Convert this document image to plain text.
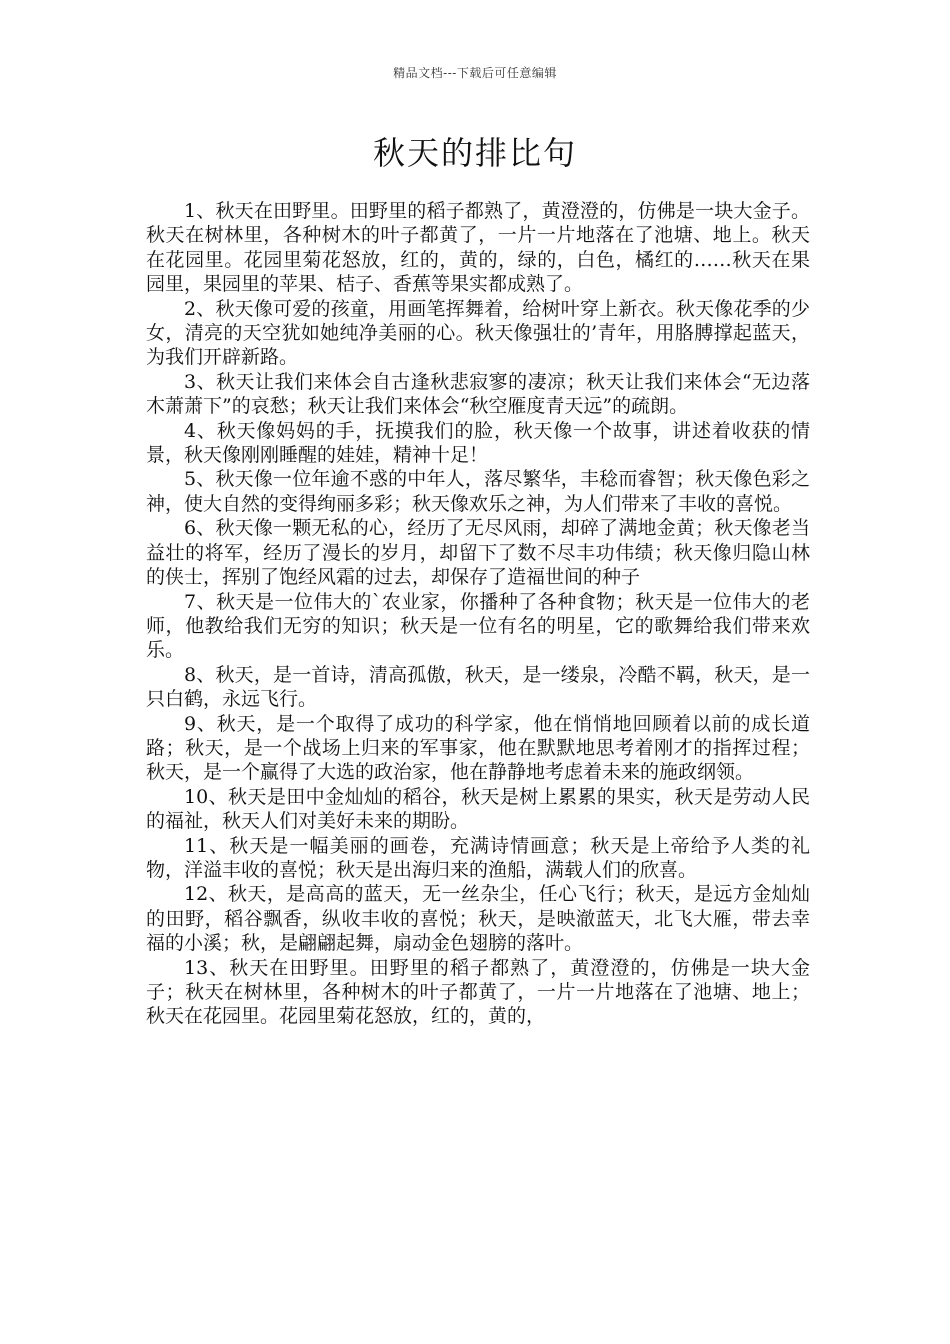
精品文档---下载后可任意编辑
秋天的排比句

1、秋天在田野里。田野里的稻子都熟了，黄澄澄的，仿佛是一块大金子。秋天在树林里，各种树木的叶子都黄了，一片一片地落在了池塘、地上。秋天在花园里。花园里菊花怒放，红的，黄的，绿的，白色，橘红的……秋天在果园里，果园里的苹果、桔子、香蕉等果实都成熟了。

2、秋天像可爱的孩童，用画笔挥舞着，给树叶穿上新衣。秋天像花季的少女，清亮的天空犹如她纯净美丽的心。秋天像强壮的’青年，用胳膊撑起蓝天，为我们开辟新路。

3、秋天让我们来体会自古逢秋悲寂寥的凄凉；秋天让我们来体会“无边落木萧萧下”的哀愁；秋天让我们来体会“秋空雁度青天远”的疏朗。

4、秋天像妈妈的手，抚摸我们的脸，秋天像一个故事，讲述着收获的情景，秋天像刚刚睡醒的娃娃，精神十足！

5、秋天像一位年逾不惑的中年人，落尽繁华，丰稔而睿智；秋天像色彩之神，使大自然的变得绚丽多彩；秋天像欢乐之神，为人们带来了丰收的喜悦。

6、秋天像一颗无私的心，经历了无尽风雨，却碎了满地金黄；秋天像老当益壮的将军，经历了漫长的岁月，却留下了数不尽丰功伟绩；秋天像归隐山林的侠士，挥别了饱经风霜的过去，却保存了造福世间的种子

7、秋天是一位伟大的`农业家，你播种了各种食物；秋天是一位伟大的老师，他教给我们无穷的知识；秋天是一位有名的明星，它的歌舞给我们带来欢乐。

8、秋天，是一首诗，清高孤傲，秋天，是一缕泉，冷酷不羁，秋天，是一只白鹤，永远飞行。

9、秋天，是一个取得了成功的科学家，他在悄悄地回顾着以前的成长道路；秋天，是一个战场上归来的军事家，他在默默地思考着刚才的指挥过程；秋天，是一个赢得了大选的政治家，他在静静地考虑着未来的施政纲领。

10、秋天是田中金灿灿的稻谷，秋天是树上累累的果实，秋天是劳动人民的福祉，秋天人们对美好未来的期盼。

11、秋天是一幅美丽的画卷，充满诗情画意；秋天是上帝给予人类的礼物，洋溢丰收的喜悦；秋天是出海归来的渔船，满载人们的欣喜。

12、秋天，是高高的蓝天，无一丝杂尘，任心飞行；秋天，是远方金灿灿的田野，稻谷飘香，纵收丰收的喜悦；秋天，是映澈蓝天，北飞大雁，带去幸福的小溪；秋，是翩翩起舞，扇动金色翅膀的落叶。

13、秋天在田野里。田野里的稻子都熟了，黄澄澄的，仿佛是一块大金子；秋天在树林里，各种树木的叶子都黄了，一片一片地落在了池塘、地上；秋天在花园里。花园里菊花怒放，红的，黄的，
